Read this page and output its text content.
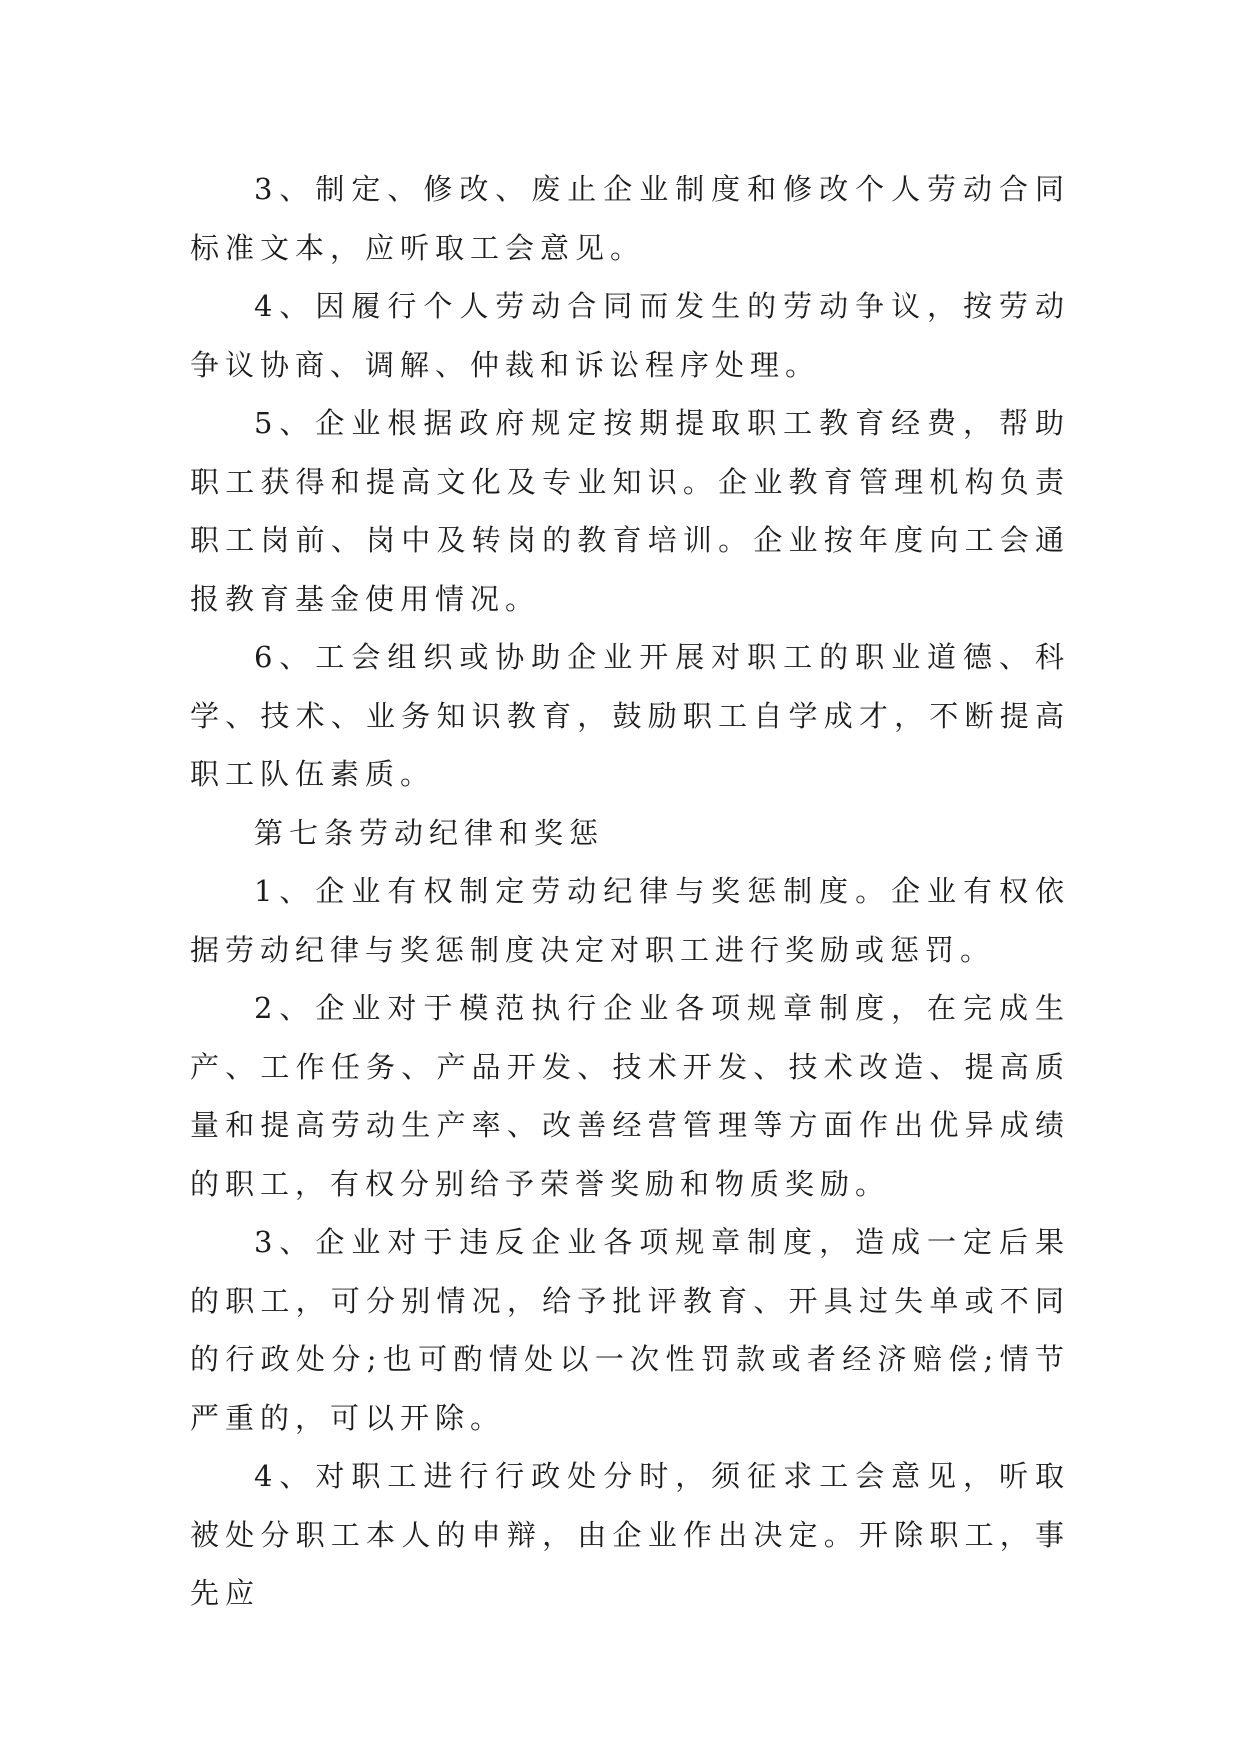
3、制定、修改、废止企业制度和修改个人劳动合同标准文本，应听取工会意见。

4、因履行个人劳动合同而发生的劳动争议，按劳动争议协商、调解、仲裁和诉讼程序处理。

5、企业根据政府规定按期提取职工教育经费，帮助职工获得和提高文化及专业知识。企业教育管理机构负责职工岗前、岗中及转岗的教育培训。企业按年度向工会通报教育基金使用情况。

6、工会组织或协助企业开展对职工的职业道德、科学、技术、业务知识教育，鼓励职工自学成才，不断提高职工队伍素质。

第七条劳动纪律和奖惩

1、企业有权制定劳动纪律与奖惩制度。企业有权依据劳动纪律与奖惩制度决定对职工进行奖励或惩罚。

2、企业对于模范执行企业各项规章制度，在完成生产、工作任务、产品开发、技术开发、技术改造、提高质量和提高劳动生产率、改善经营管理等方面作出优异成绩的职工，有权分别给予荣誉奖励和物质奖励。

3、企业对于违反企业各项规章制度，造成一定后果的职工，可分别情况，给予批评教育、开具过失单或不同的行政处分;也可酌情处以一次性罚款或者经济赔偿;情节严重的，可以开除。

4、对职工进行行政处分时，须征求工会意见，听取被处分职工本人的申辩，由企业作出决定。开除职工，事先应
